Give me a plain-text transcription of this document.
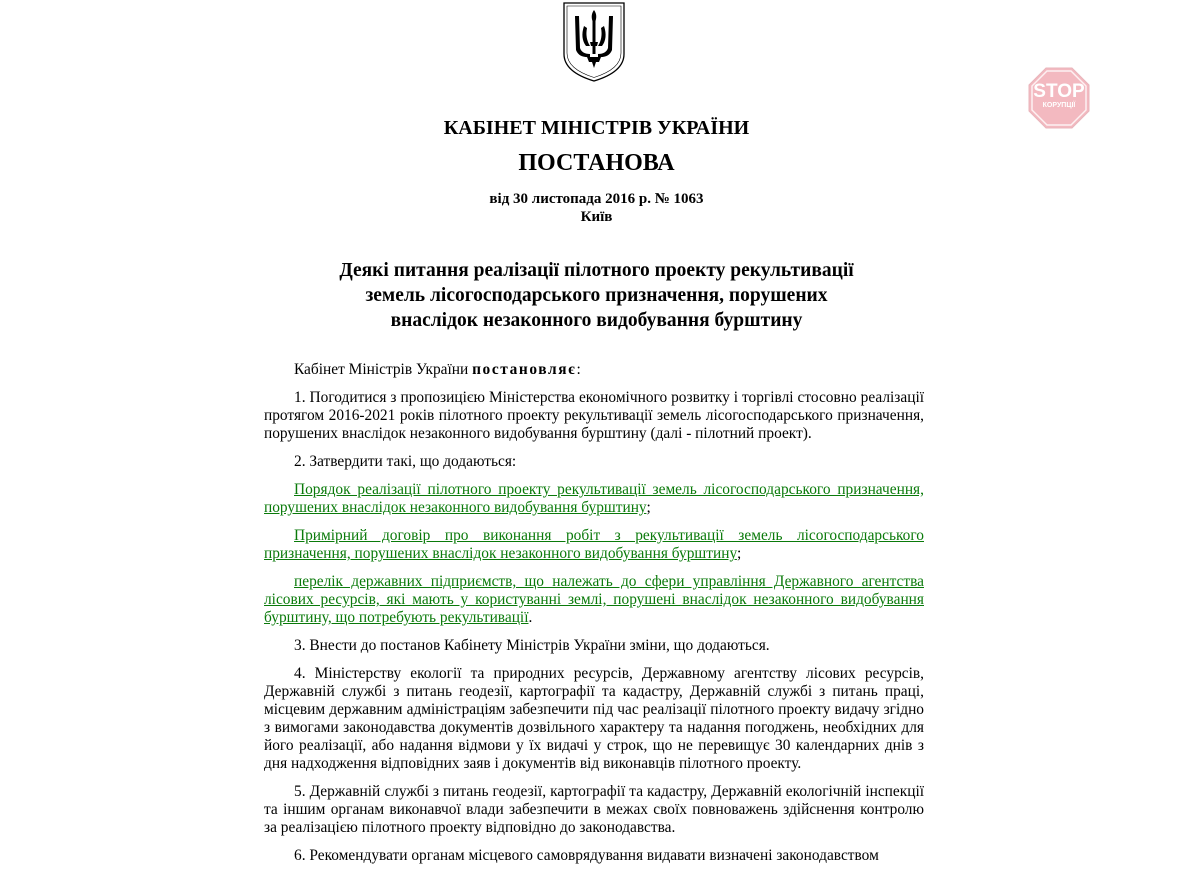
STOP
КОРУПЦІЇ
КАБІНЕТ МІНІСТРІВ УКРАЇНИ
ПОСТАНОВА
від 30 листопада 2016 р. № 1063
Київ
Деякі питання реалізації пілотного проекту рекультивації
земель лісогосподарського призначення, порушених
внаслідок незаконного видобування бурштину

Кабінет Міністрів України постановляє:

1. Погодитися з пропозицією Міністерства економічного розвитку і торгівлі стосовно реалізації протягом 2016-2021 років пілотного проекту рекультивації земель лісогосподарського призначення, порушених внаслідок незаконного видобування бурштину (далі - пілотний проект).

2. Затвердити такі, що додаються:

Порядок реалізації пілотного проекту рекультивації земель лісогосподарського призначення, порушених внаслідок незаконного видобування бурштину;

Примірний договір про виконання робіт з рекультивації земель лісогосподарського призначення, порушених внаслідок незаконного видобування бурштину;

перелік державних підприємств, що належать до сфери управління Державного агентства лісових ресурсів, які мають у користуванні землі, порушені внаслідок незаконного видобування бурштину, що потребують рекультивації.

3. Внести до постанов Кабінету Міністрів України зміни, що додаються.

4. Міністерству екології та природних ресурсів, Державному агентству лісових ресурсів, Державній службі з питань геодезії, картографії та кадастру, Державній службі з питань праці, місцевим державним адміністраціям забезпечити під час реалізації пілотного проекту видачу згідно з вимогами законодавства документів дозвільного характеру та надання погоджень, необхідних для його реалізації, або надання відмови у їх видачі у строк, що не перевищує 30 календарних днів з дня надходження відповідних заяв і документів від виконавців пілотного проекту.

5. Державній службі з питань геодезії, картографії та кадастру, Державній екологічній інспекції та іншим органам виконавчої влади забезпечити в межах своїх повноважень здійснення контролю за реалізацією пілотного проекту відповідно до законодавства.

6. Рекомендувати органам місцевого самоврядування видавати визначені законодавством
